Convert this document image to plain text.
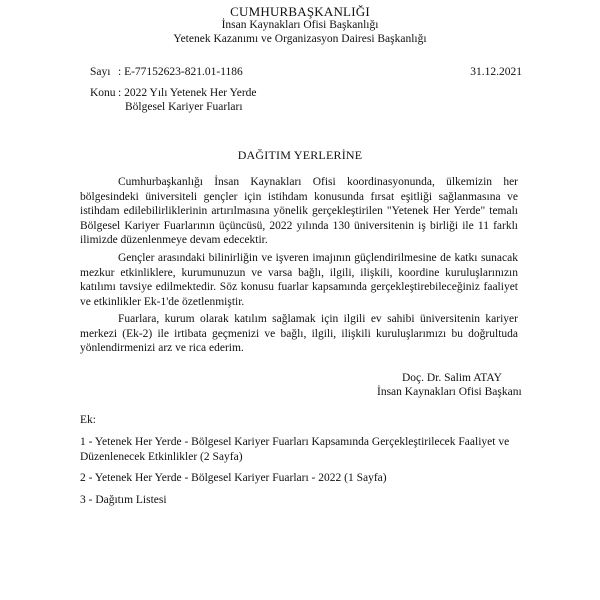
CUMHURBAŞKANLIĞI
İnsan Kaynakları Ofisi Başkanlığı
Yetenek Kazanımı ve Organizasyon Dairesi Başkanlığı
Sayı : E-77152623-821.01-1186	31.12.2021
Konu : 2022 Yılı Yetenek Her Yerde
Bölgesel Kariyer Fuarları
DAĞITIM YERLERİNE
Cumhurbaşkanlığı İnsan Kaynakları Ofisi koordinasyonunda, ülkemizin her bölgesindeki üniversiteli gençler için istihdam konusunda fırsat eşitliği sağlanmasına ve istihdam edilebilirliklerinin artırılmasına yönelik gerçekleştirilen "Yetenek Her Yerde" temalı Bölgesel Kariyer Fuarlarının üçüncüsü, 2022 yılında 130 üniversitenin iş birliği ile 11 farklı ilimizde düzenlenmeye devam edecektir.
Gençler arasındaki bilinirliğin ve işveren imajının güçlendirilmesine de katkı sunacak mezkur etkinliklere, kurumunuzun ve varsa bağlı, ilgili, ilişkili, koordine kuruluşlarınızın katılımı tavsiye edilmektedir. Söz konusu fuarlar kapsamında gerçekleştirebileceğiniz faaliyet ve etkinlikler Ek-1'de özetlenmiştir.
Fuarlara, kurum olarak katılım sağlamak için ilgili ev sahibi üniversitenin kariyer merkezi (Ek-2) ile irtibata geçmenizi ve bağlı, ilgili, ilişkili kuruluşlarımızı bu doğrultuda yönlendirmenizi arz ve rica ederim.
Doç. Dr. Salim ATAY
İnsan Kaynakları Ofisi Başkanı
Ek:
1 - Yetenek Her Yerde - Bölgesel Kariyer Fuarları Kapsamında Gerçekleştirilecek Faaliyet ve Düzenlenecek Etkinlikler (2 Sayfa)
2 - Yetenek Her Yerde - Bölgesel Kariyer Fuarları - 2022 (1 Sayfa)
3 - Dağıtım Listesi
